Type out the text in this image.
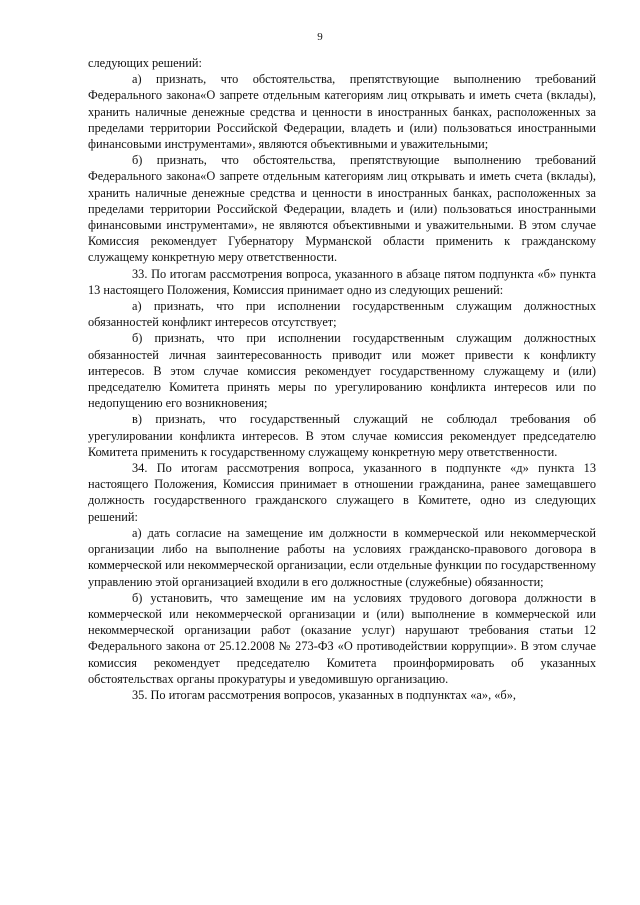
9

следующих решений:

а) признать, что обстоятельства, препятствующие выполнению требований Федерального закона«О запрете отдельным категориям лиц открывать и иметь счета (вклады), хранить наличные денежные средства и ценности в иностранных банках, расположенных за пределами территории Российской Федерации, владеть и (или) пользоваться иностранными финансовыми инструментами», являются объективными и уважительными;

б) признать, что обстоятельства, препятствующие выполнению требований Федерального закона«О запрете отдельным категориям лиц открывать и иметь счета (вклады), хранить наличные денежные средства и ценности в иностранных банках, расположенных за пределами территории Российской Федерации, владеть и (или) пользоваться иностранными финансовыми инструментами», не являются объективными и уважительными. В этом случае Комиссия рекомендует Губернатору Мурманской области применить к гражданскому служащему конкретную меру ответственности.

33. По итогам рассмотрения вопроса, указанного в абзаце пятом подпункта «б» пункта 13 настоящего Положения, Комиссия принимает одно из следующих решений:

а) признать, что при исполнении государственным служащим должностных обязанностей конфликт интересов отсутствует;

б) признать, что при исполнении государственным служащим должностных обязанностей личная заинтересованность приводит или может привести к конфликту интересов. В этом случае комиссия рекомендует государственному служащему и (или) председателю Комитета принять меры по урегулированию конфликта интересов или по недопущению его возникновения;

в) признать, что государственный служащий не соблюдал требования об урегулировании конфликта интересов. В этом случае комиссия рекомендует председателю Комитета применить к государственному служащему конкретную меру ответственности.

34. По итогам рассмотрения вопроса, указанного в подпункте «д» пункта 13 настоящего Положения, Комиссия принимает в отношении гражданина, ранее замещавшего должность государственного гражданского служащего в Комитете, одно из следующих решений:

а) дать согласие на замещение им должности в коммерческой или некоммерческой организации либо на выполнение работы на условиях гражданско-правового договора в коммерческой или некоммерческой организации, если отдельные функции по государственному управлению этой организацией входили в его должностные (служебные) обязанности;

б) установить, что замещение им на условиях трудового договора должности в коммерческой или некоммерческой организации и (или) выполнение в коммерческой или некоммерческой организации работ (оказание услуг) нарушают требования статьи 12 Федерального закона от 25.12.2008 № 273-ФЗ «О противодействии коррупции». В этом случае комиссия рекомендует председателю Комитета проинформировать об указанных обстоятельствах органы прокуратуры и уведомившую организацию.

35. По итогам рассмотрения вопросов, указанных в подпунктах «а», «б»,
